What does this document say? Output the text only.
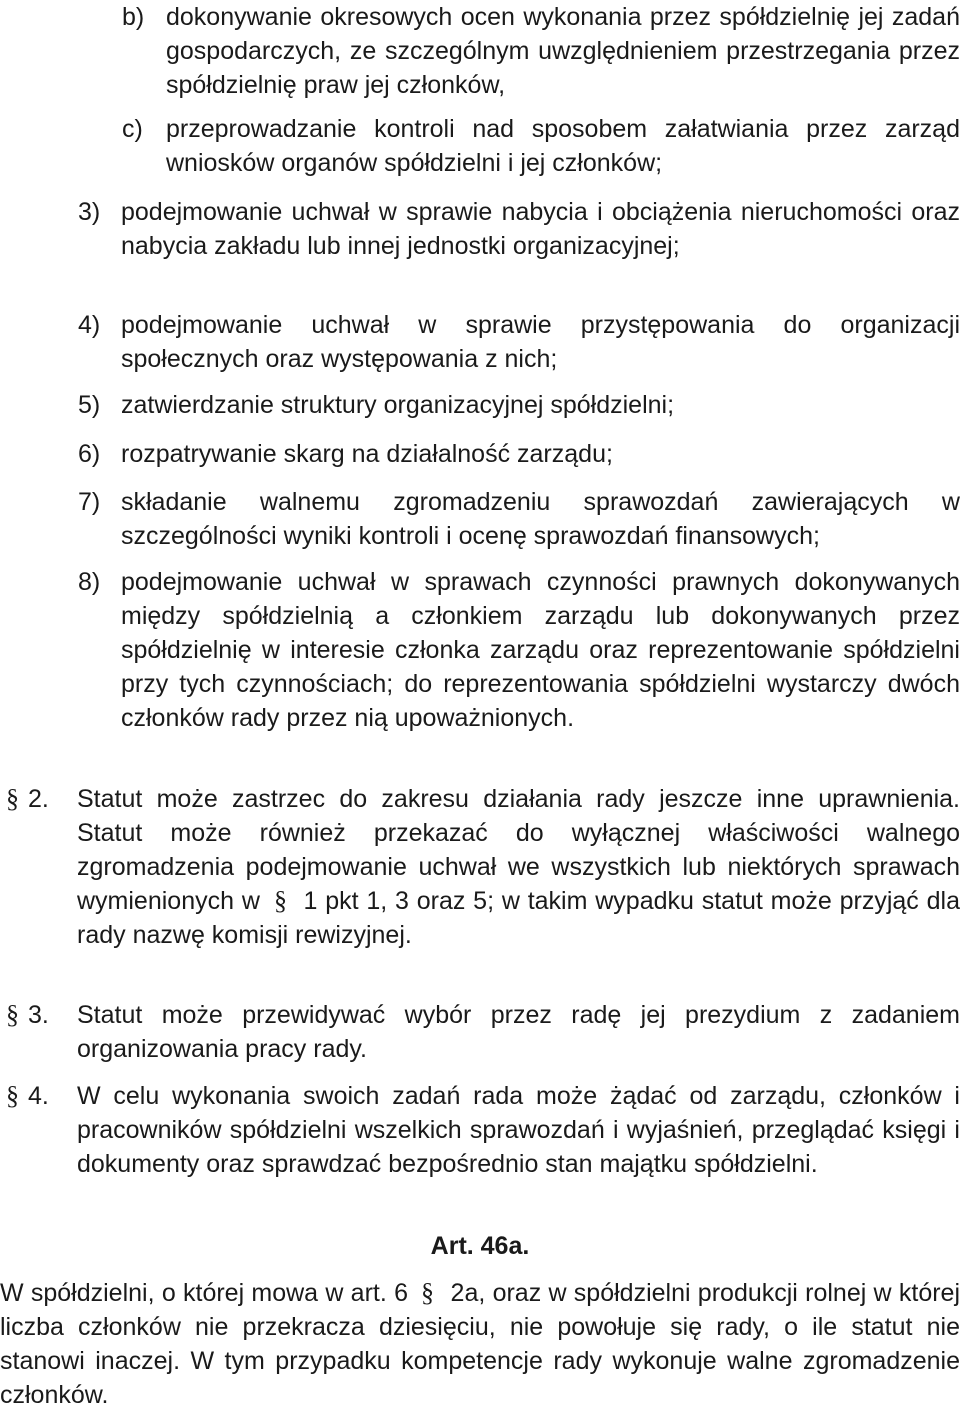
b) dokonywanie okresowych ocen wykonania przez spółdzielnię jej zadań gospodarczych, ze szczególnym uwzględnieniem przestrzegania przez spółdzielnię praw jej członków,

c) przeprowadzanie kontroli nad sposobem załatwiania przez zarząd wniosków organów spółdzielni i jej członków;

3) podejmowanie uchwał w sprawie nabycia i obciążenia nieruchomości oraz nabycia zakładu lub innej jednostki organizacyjnej;

4) podejmowanie uchwał w sprawie przystępowania do organizacji społecznych oraz występowania z nich;

5) zatwierdzanie struktury organizacyjnej spółdzielni;

6) rozpatrywanie skarg na działalność zarządu;

7) składanie walnemu zgromadzeniu sprawozdań zawierających w szczególności wyniki kontroli i ocenę sprawozdań finansowych;

8) podejmowanie uchwał w sprawach czynności prawnych dokonywanych między spółdzielnią a członkiem zarządu lub dokonywanych przez spółdzielnię w interesie członka zarządu oraz reprezentowanie spółdzielni przy tych czynnościach; do reprezentowania spółdzielni wystarczy dwóch członków rady przez nią upoważnionych.

§ 2.	Statut może zastrzec do zakresu działania rady jeszcze inne uprawnienia. Statut może również przekazać do wyłącznej właściwości walnego zgromadzenia podejmowanie uchwał we wszystkich lub niektórych sprawach wymienionych w § 1 pkt 1, 3 oraz 5; w takim wypadku statut może przyjąć dla rady nazwę komisji rewizyjnej.

§ 3.	Statut może przewidywać wybór przez radę jej prezydium z zadaniem organizowania pracy rady.

§ 4.	W celu wykonania swoich zadań rada może żądać od zarządu, członków i pracowników spółdzielni wszelkich sprawozdań i wyjaśnień, przeglądać księgi i dokumenty oraz sprawdzać bezpośrednio stan majątku spółdzielni.

Art. 46a.

W spółdzielni, o której mowa w art. 6 § 2a, oraz w spółdzielni produkcji rolnej w której liczba członków nie przekracza dziesięciu, nie powołuje się rady, o ile statut nie stanowi inaczej. W tym przypadku kompetencje rady wykonuje walne zgromadzenie członków.
